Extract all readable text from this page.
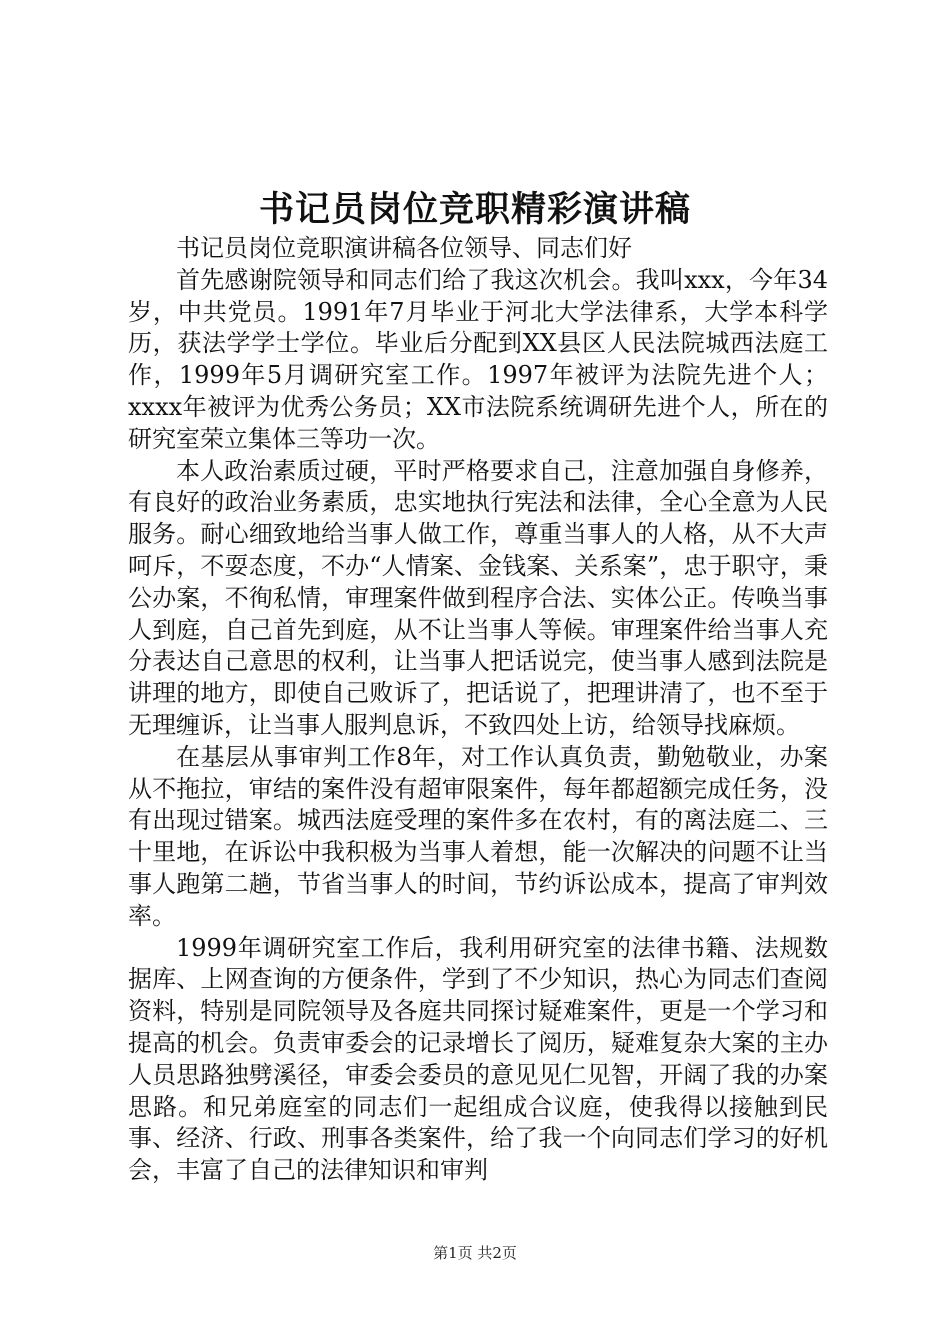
书记员岗位竞职精彩演讲稿

书记员岗位竞职演讲稿各位领导、同志们好

首先感谢院领导和同志们给了我这次机会。我叫xxx，今年34岁，中共党员。1991年7月毕业于河北大学法律系，大学本科学历，获法学学士学位。毕业后分配到XX县区人民法院城西法庭工作，1999年5月调研究室工作。1997年被评为法院先进个人；xxxx年被评为优秀公务员；XX市法院系统调研先进个人，所在的研究室荣立集体三等功一次。

本人政治素质过硬，平时严格要求自己，注意加强自身修养，有良好的政治业务素质，忠实地执行宪法和法律，全心全意为人民服务。耐心细致地给当事人做工作，尊重当事人的人格，从不大声呵斥，不耍态度，不办“人情案、金钱案、关系案”，忠于职守，秉公办案，不徇私情，审理案件做到程序合法、实体公正。传唤当事人到庭，自己首先到庭，从不让当事人等候。审理案件给当事人充分表达自己意思的权利，让当事人把话说完，使当事人感到法院是讲理的地方，即使自己败诉了，把话说了，把理讲清了，也不至于无理缠诉，让当事人服判息诉，不致四处上访，给领导找麻烦。

在基层从事审判工作8年，对工作认真负责，勤勉敬业，办案从不拖拉，审结的案件没有超审限案件，每年都超额完成任务，没有出现过错案。城西法庭受理的案件多在农村，有的离法庭二、三十里地，在诉讼中我积极为当事人着想，能一次解决的问题不让当事人跑第二趟，节省当事人的时间，节约诉讼成本，提高了审判效率。

1999年调研究室工作后，我利用研究室的法律书籍、法规数据库、上网查询的方便条件，学到了不少知识，热心为同志们查阅资料，特别是同院领导及各庭共同探讨疑难案件，更是一个学习和提高的机会。负责审委会的记录增长了阅历，疑难复杂大案的主办人员思路独劈溪径，审委会委员的意见见仁见智，开阔了我的办案思路。和兄弟庭室的同志们一起组成合议庭，使我得以接触到民事、经济、行政、刑事各类案件，给了我一个向同志们学习的好机会，丰富了自己的法律知识和审判

第1页 共2页
